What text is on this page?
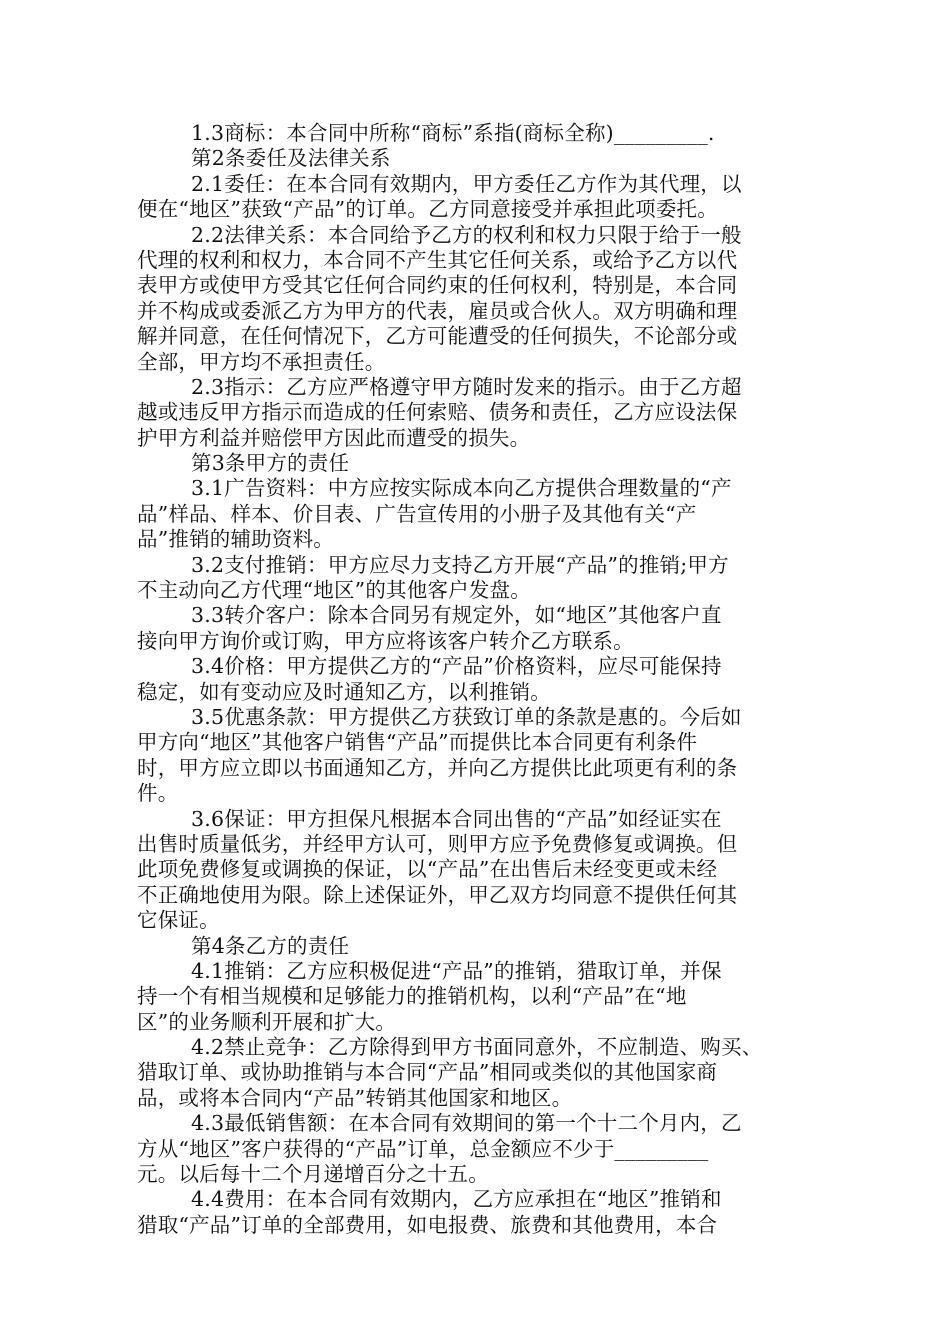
1.3商标：本合同中所称“商标”系指(商标全称)_________.
第2条委任及法律关系
2.1委任：在本合同有效期内，甲方委任乙方作为其代理，以
便在“地区”获致“产品”的订单。乙方同意接受并承担此项委托。
2.2法律关系：本合同给予乙方的权利和权力只限于给于一般
代理的权利和权力，本合同不产生其它任何关系，或给予乙方以代
表甲方或使甲方受其它任何合同约束的任何权利，特别是，本合同
并不构成或委派乙方为甲方的代表，雇员或合伙人。双方明确和理
解并同意，在任何情况下，乙方可能遭受的任何损失，不论部分或
全部，甲方均不承担责任。
2.3指示：乙方应严格遵守甲方随时发来的指示。由于乙方超
越或违反甲方指示而造成的任何索赔、债务和责任，乙方应设法保
护甲方利益并赔偿甲方因此而遭受的损失。
第3条甲方的责任
3.1广告资料：中方应按实际成本向乙方提供合理数量的“产
品”样品、样本、价目表、广告宣传用的小册子及其他有关“产
品”推销的辅助资料。
3.2支付推销：甲方应尽力支持乙方开展“产品”的推销;甲方
不主动向乙方代理“地区”的其他客户发盘。
3.3转介客户：除本合同另有规定外，如“地区”其他客户直
接向甲方询价或订购，甲方应将该客户转介乙方联系。
3.4价格：甲方提供乙方的“产品”价格资料，应尽可能保持
稳定，如有变动应及时通知乙方，以利推销。
3.5优惠条款：甲方提供乙方获致订单的条款是惠的。今后如
甲方向“地区”其他客户销售“产品”而提供比本合同更有利条件
时，甲方应立即以书面通知乙方，并向乙方提供比此项更有利的条
件。
3.6保证：甲方担保凡根据本合同出售的“产品”如经证实在
出售时质量低劣，并经甲方认可，则甲方应予免费修复或调换。但
此项免费修复或调换的保证，以“产品”在出售后未经变更或未经
不正确地使用为限。除上述保证外，甲乙双方均同意不提供任何其
它保证。
第4条乙方的责任
4.1推销：乙方应积极促进“产品”的推销，猎取订单，并保
持一个有相当规模和足够能力的推销机构，以利“产品”在“地
区”的业务顺利开展和扩大。
4.2禁止竞争：乙方除得到甲方书面同意外，不应制造、购买、
猎取订单、或协助推销与本合同“产品”相同或类似的其他国家商
品，或将本合同内“产品”转销其他国家和地区。
4.3最低销售额：在本合同有效期间的第一个十二个月内，乙
方从“地区”客户获得的“产品”订单，总金额应不少于_________
元。以后每十二个月递增百分之十五。
4.4费用：在本合同有效期内，乙方应承担在“地区”推销和
猎取“产品”订单的全部费用，如电报费、旅费和其他费用，本合
